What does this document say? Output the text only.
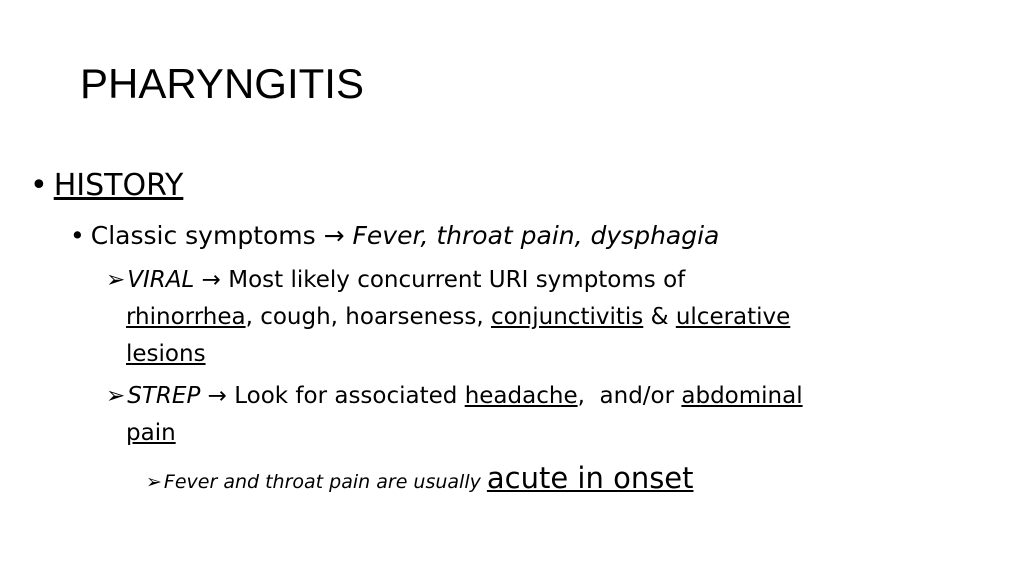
PHARYNGITIS
• HISTORY
• Classic symptoms → Fever, throat pain, dysphagia
➢VIRAL → Most likely concurrent URI symptoms of
rhinorrhea, cough, hoarseness, conjunctivitis & ulcerative
lesions
➢STREP → Look for associated headache,  and/or abdominal
pain
➢ Fever and throat pain are usually acute in onset
